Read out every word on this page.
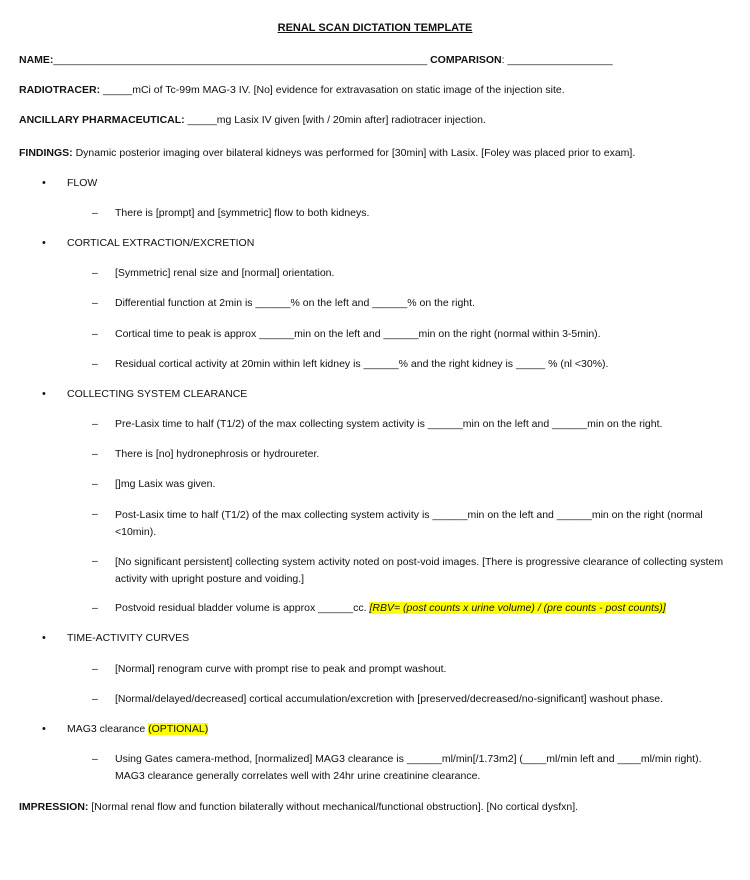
RENAL SCAN DICTATION TEMPLATE
NAME:________________________________________________________________ COMPARISON: __________________
RADIOTRACER: _____mCi of Tc-99m MAG-3 IV. [No] evidence for extravasation on static image of the injection site.
ANCILLARY PHARMACEUTICAL: _____mg Lasix IV given [with / 20min after] radiotracer injection.
FINDINGS: Dynamic posterior imaging over bilateral kidneys was performed for [30min] with Lasix. [Foley was placed prior to exam].
• FLOW
– There is [prompt] and [symmetric] flow to both kidneys.
• CORTICAL EXTRACTION/EXCRETION
– [Symmetric] renal size and [normal] orientation.
– Differential function at 2min is ______% on the left and ______% on the right.
– Cortical time to peak is approx ______min on the left and ______min on the right (normal within 3-5min).
– Residual cortical activity at 20min within left kidney is ______% and the right kidney is _____ % (nl <30%).
• COLLECTING SYSTEM CLEARANCE
– Pre-Lasix time to half (T1/2) of the max collecting system activity is ______min on the left and ______min on the right.
– There is [no] hydronephrosis or hydroureter.
– []mg Lasix was given.
– Post-Lasix time to half (T1/2) of the max collecting system activity is ______min on the left and ______min on the right (normal <10min).
– [No significant persistent] collecting system activity noted on post-void images. [There is progressive clearance of collecting system activity with upright posture and voiding.]
– Postvoid residual bladder volume is approx ______cc. [RBV= (post counts x urine volume) / (pre counts - post counts)]
• TIME-ACTIVITY CURVES
– [Normal] renogram curve with prompt rise to peak and prompt washout.
– [Normal/delayed/decreased] cortical accumulation/excretion with [preserved/decreased/no-significant] washout phase.
• MAG3 clearance (OPTIONAL)
– Using Gates camera-method, [normalized] MAG3 clearance is ______ml/min[/1.73m2] (____ml/min left and ____ml/min right).
MAG3 clearance generally correlates well with 24hr urine creatinine clearance.
IMPRESSION: [Normal renal flow and function bilaterally without mechanical/functional obstruction]. [No cortical dysfxn].
